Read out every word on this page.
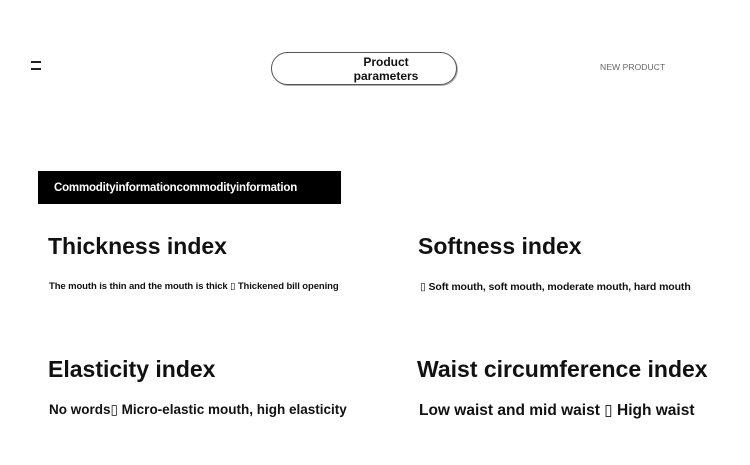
Product
parameters
NEW PRODUCT
Commodityinformationcommodityinformation
Thickness index
The mouth is thin and the mouth is thick ▯ Thickened bill opening
Softness index
▯ Soft mouth, soft mouth, moderate mouth, hard mouth
Elasticity index
No words▯ Micro-elastic mouth, high elasticity
Waist circumference index
Low waist and mid waist ▯ High waist
